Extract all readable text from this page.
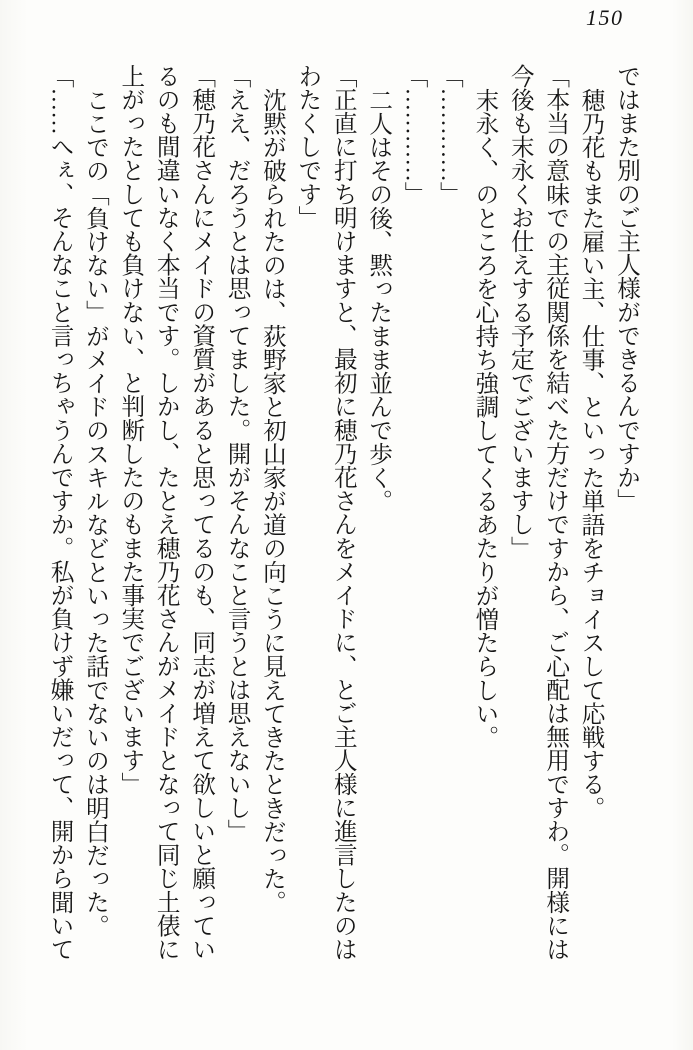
150

ではまた別のご主人様ができるんですか」

穂乃花もまた雇い主、仕事、といった単語をチョイスして応戦する。

「本当の意味での主従関係を結べた方だけですから、ご心配は無用ですわ。開様には今後も末永くお仕えする予定でございますし」

末永く、のところを心持ち強調してくるあたりが憎たらしい。

「…………」

「…………」

二人はその後、黙ったまま並んで歩く。

「正直に打ち明けますと、最初に穂乃花さんをメイドに、とご主人様に進言したのはわたくしです」

沈黙が破られたのは、荻野家と初山家が道の向こうに見えてきたときだった。

「ええ、だろうとは思ってました。開がそんなこと言うとは思えないし」

「穂乃花さんにメイドの資質があると思ってるのも、同志が増えて欲しいと願っているのも間違いなく本当です。しかし、たとえ穂乃花さんがメイドとなって同じ土俵に上がったとしても負けない、と判断したのもまた事実でございます」

ここでの「負けない」がメイドのスキルなどといった話でないのは明白だった。

「……へぇ、そんなこと言っちゃうんですか。私が負けず嫌いだって、開から聞いて
